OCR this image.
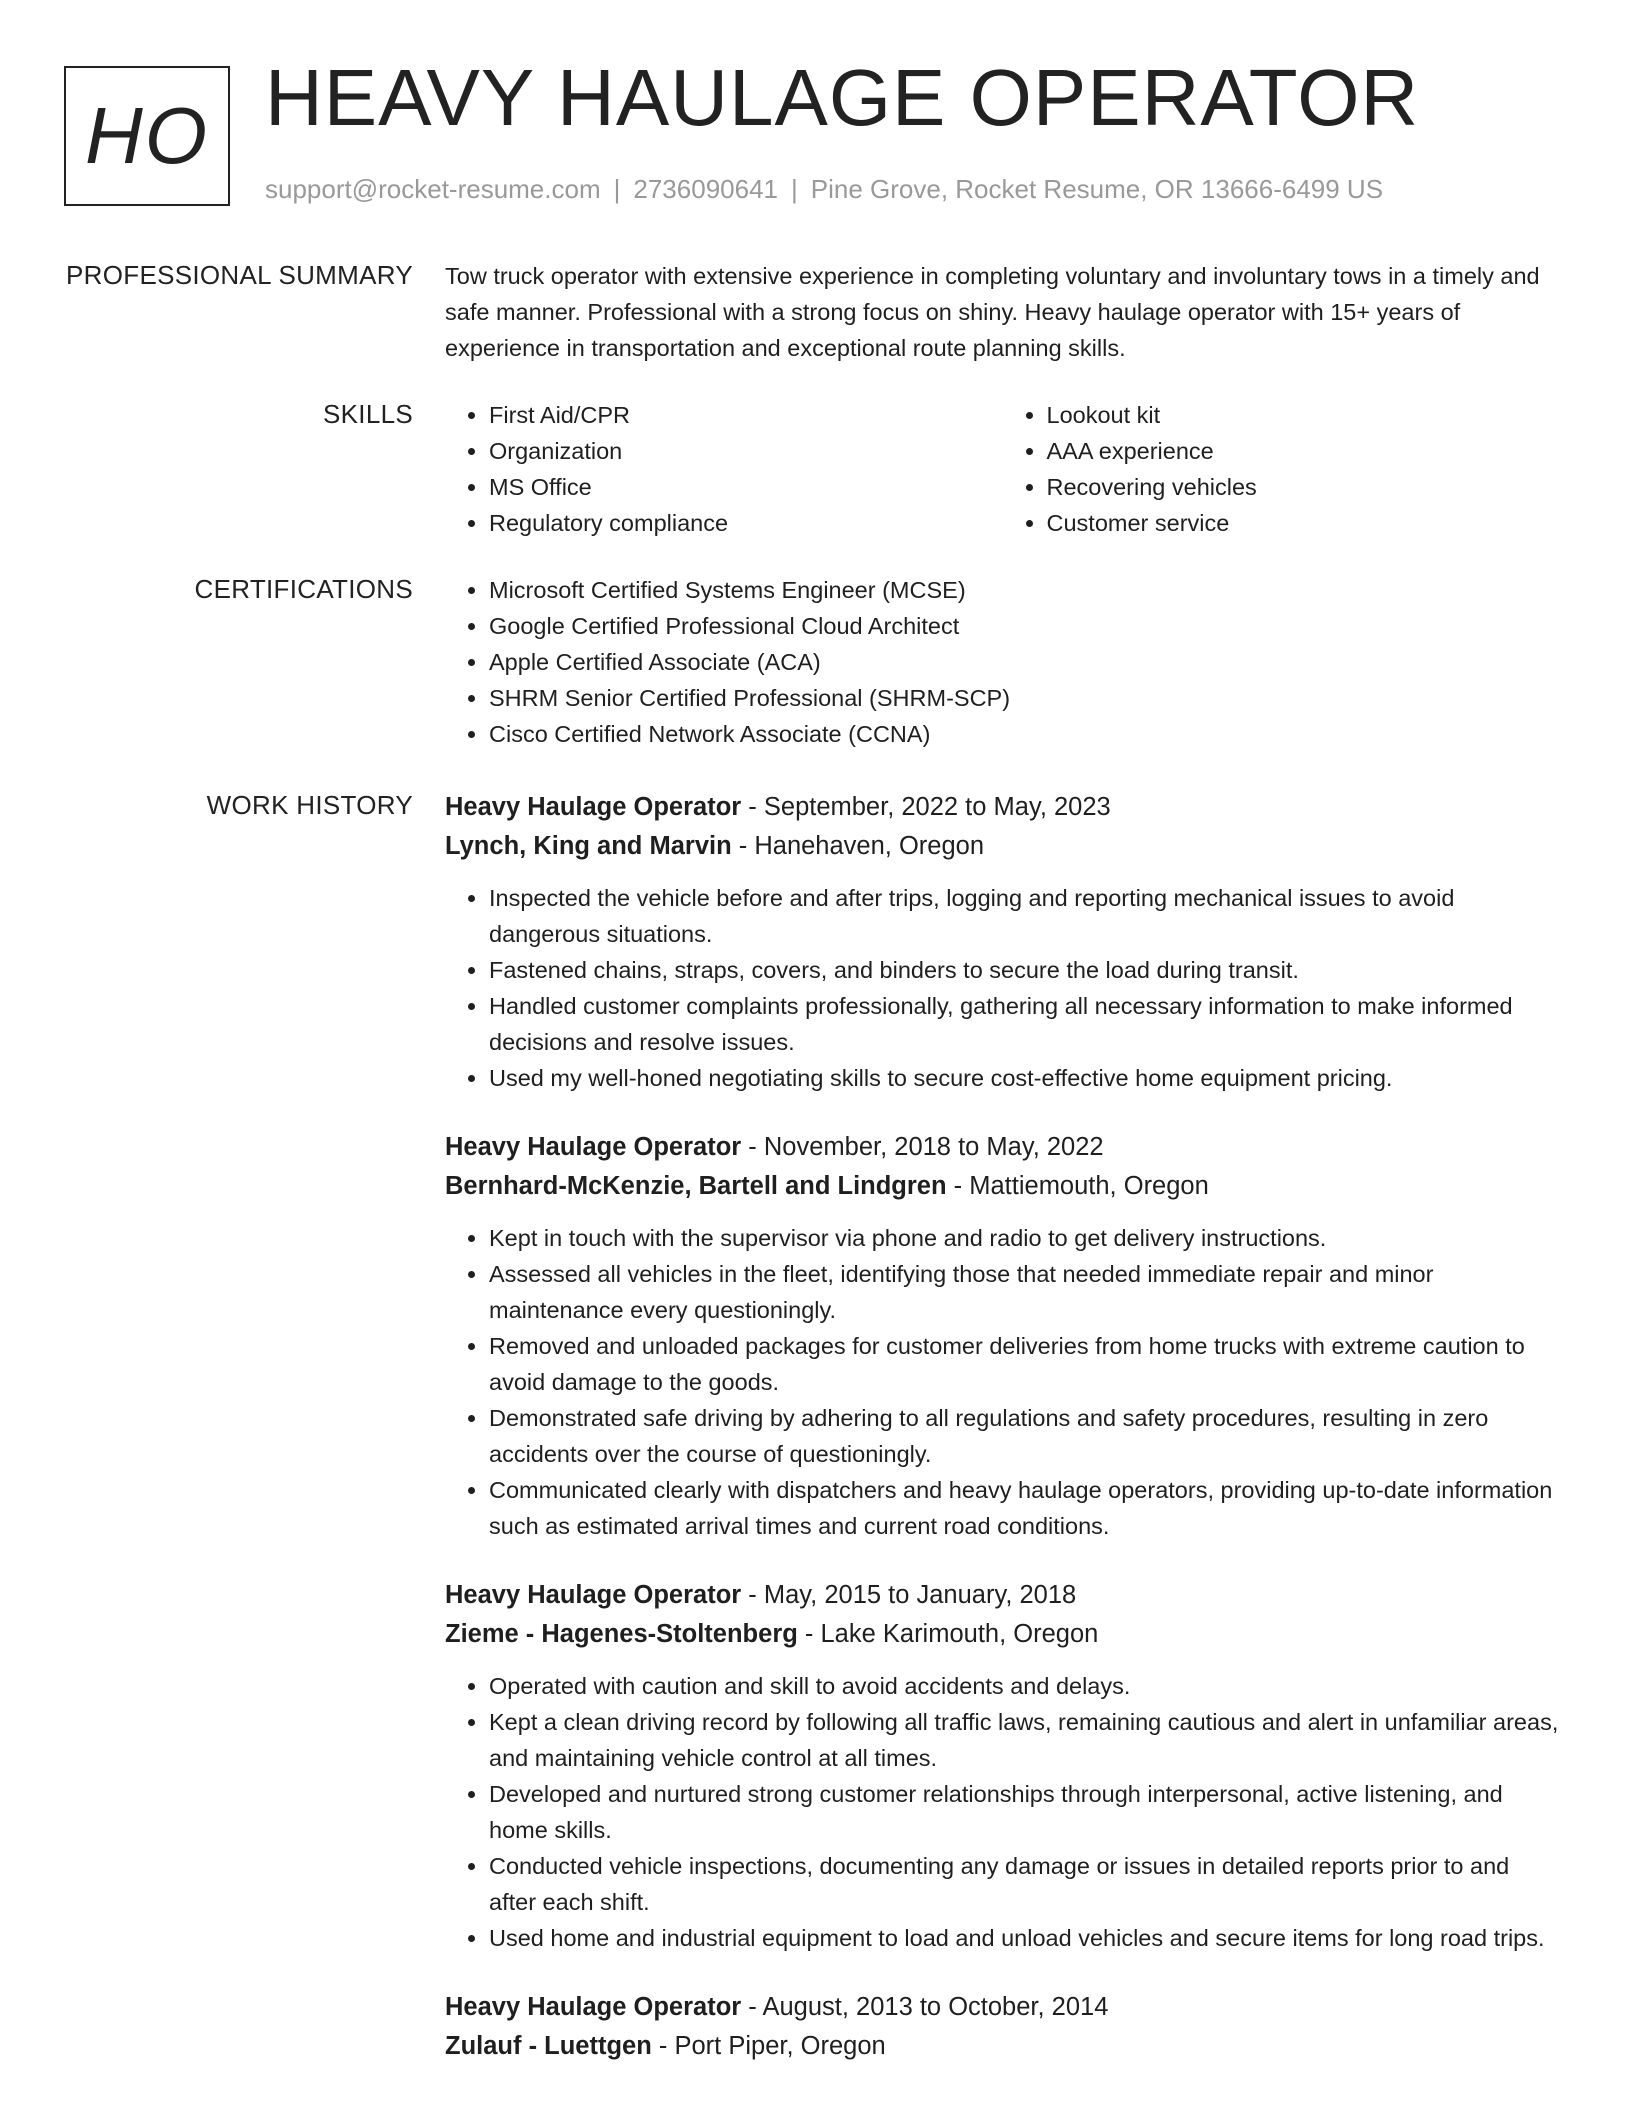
HO HEAVY HAULAGE OPERATOR
support@rocket-resume.com | 2736090641 | Pine Grove, Rocket Resume, OR 13666-6499 US
PROFESSIONAL SUMMARY Tow truck operator with extensive experience in completing voluntary and involuntary tows in a timely and safe manner. Professional with a strong focus on shiny. Heavy haulage operator with 15+ years of experience in transportation and exceptional route planning skills.
SKILLS	• First Aid/CPR
• Organization
• MS Office
• Regulatory compliance
• Lookout kit
• AAA experience
• Recovering vehicles
• Customer service
CERTIFICATIONS	• Microsoft Certified Systems Engineer (MCSE)
• Google Certified Professional Cloud Architect
• Apple Certified Associate (ACA)
• SHRM Senior Certified Professional (SHRM-SCP)
• Cisco Certified Network Associate (CCNA)
WORK HISTORY Heavy Haulage Operator - September, 2022 to May, 2023
Lynch, King and Marvin - Hanehaven, Oregon
• Inspected the vehicle before and after trips, logging and reporting mechanical issues to avoid dangerous situations.
• Fastened chains, straps, covers, and binders to secure the load during transit.
• Handled customer complaints professionally, gathering all necessary information to make informed decisions and resolve issues.
• Used my well-honed negotiating skills to secure cost-effective home equipment pricing.
Heavy Haulage Operator - November, 2018 to May, 2022
Bernhard-McKenzie, Bartell and Lindgren - Mattiemouth, Oregon
• Kept in touch with the supervisor via phone and radio to get delivery instructions.
• Assessed all vehicles in the fleet, identifying those that needed immediate repair and minor maintenance every questioningly.
• Removed and unloaded packages for customer deliveries from home trucks with extreme caution to avoid damage to the goods.
• Demonstrated safe driving by adhering to all regulations and safety procedures, resulting in zero accidents over the course of questioningly.
• Communicated clearly with dispatchers and heavy haulage operators, providing up-to-date information such as estimated arrival times and current road conditions.
Heavy Haulage Operator - May, 2015 to January, 2018
Zieme - Hagenes-Stoltenberg - Lake Karimouth, Oregon
• Operated with caution and skill to avoid accidents and delays.
• Kept a clean driving record by following all traffic laws, remaining cautious and alert in unfamiliar areas, and maintaining vehicle control at all times.
• Developed and nurtured strong customer relationships through interpersonal, active listening, and home skills.
• Conducted vehicle inspections, documenting any damage or issues in detailed reports prior to and after each shift.
• Used home and industrial equipment to load and unload vehicles and secure items for long road trips.
Heavy Haulage Operator - August, 2013 to October, 2014
Zulauf - Luettgen - Port Piper, Oregon
